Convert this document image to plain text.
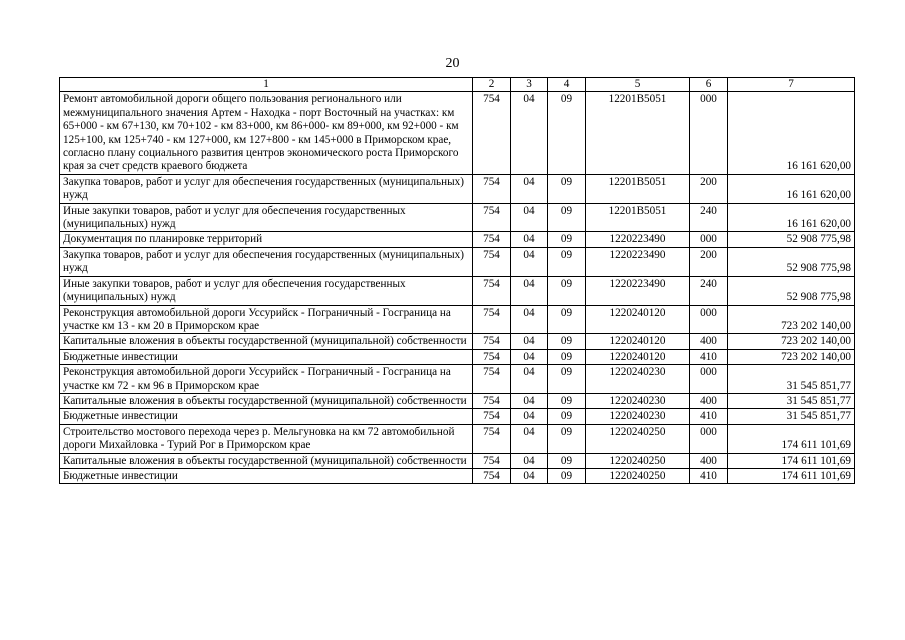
20
1	2	3	4	5	6	7
Ремонт автомобильной дороги общего пользования регионального или межмуниципального значения Артем - Находка - порт Восточный на участках: км 65+000 - км 67+130, км 70+102 - км 83+000, км 86+000- км 89+000, км 92+000 - км 125+100, км 125+740 - км 127+000, км 127+800 - км 145+000 в Приморском крае, согласно плану социального развития центров экономического роста Приморского края за счет средств краевого бюджета	754	04	09	12201B5051	000	16 161 620,00
Закупка товаров, работ и услуг для обеспечения государственных (муниципальных) нужд	754	04	09	12201B5051	200	16 161 620,00
Иные закупки товаров, работ и услуг для обеспечения государственных (муниципальных) нужд	754	04	09	12201B5051	240	16 161 620,00
Документация по планировке территорий	754	04	09	1220223490	000	52 908 775,98
Закупка товаров, работ и услуг для обеспечения государственных (муниципальных) нужд	754	04	09	1220223490	200	52 908 775,98
Иные закупки товаров, работ и услуг для обеспечения государственных (муниципальных) нужд	754	04	09	1220223490	240	52 908 775,98
Реконструкция автомобильной дороги Уссурийск - Пограничный - Госграница на участке км 13 - км 20 в Приморском крае	754	04	09	1220240120	000	723 202 140,00
Капитальные вложения в объекты государственной (муниципальной) собственности	754	04	09	1220240120	400	723 202 140,00
Бюджетные инвестиции	754	04	09	1220240120	410	723 202 140,00
Реконструкция автомобильной дороги Уссурийск - Пограничный - Госграница на участке км 72 - км 96 в Приморском крае	754	04	09	1220240230	000	31 545 851,77
Капитальные вложения в объекты государственной (муниципальной) собственности	754	04	09	1220240230	400	31 545 851,77
Бюджетные инвестиции	754	04	09	1220240230	410	31 545 851,77
Строительство мостового перехода через р. Мельгуновка на км 72 автомобильной дороги Михайловка - Турий Рог в Приморском крае	754	04	09	1220240250	000	174 611 101,69
Капитальные вложения в объекты государственной (муниципальной) собственности	754	04	09	1220240250	400	174 611 101,69
Бюджетные инвестиции	754	04	09	1220240250	410	174 611 101,69
